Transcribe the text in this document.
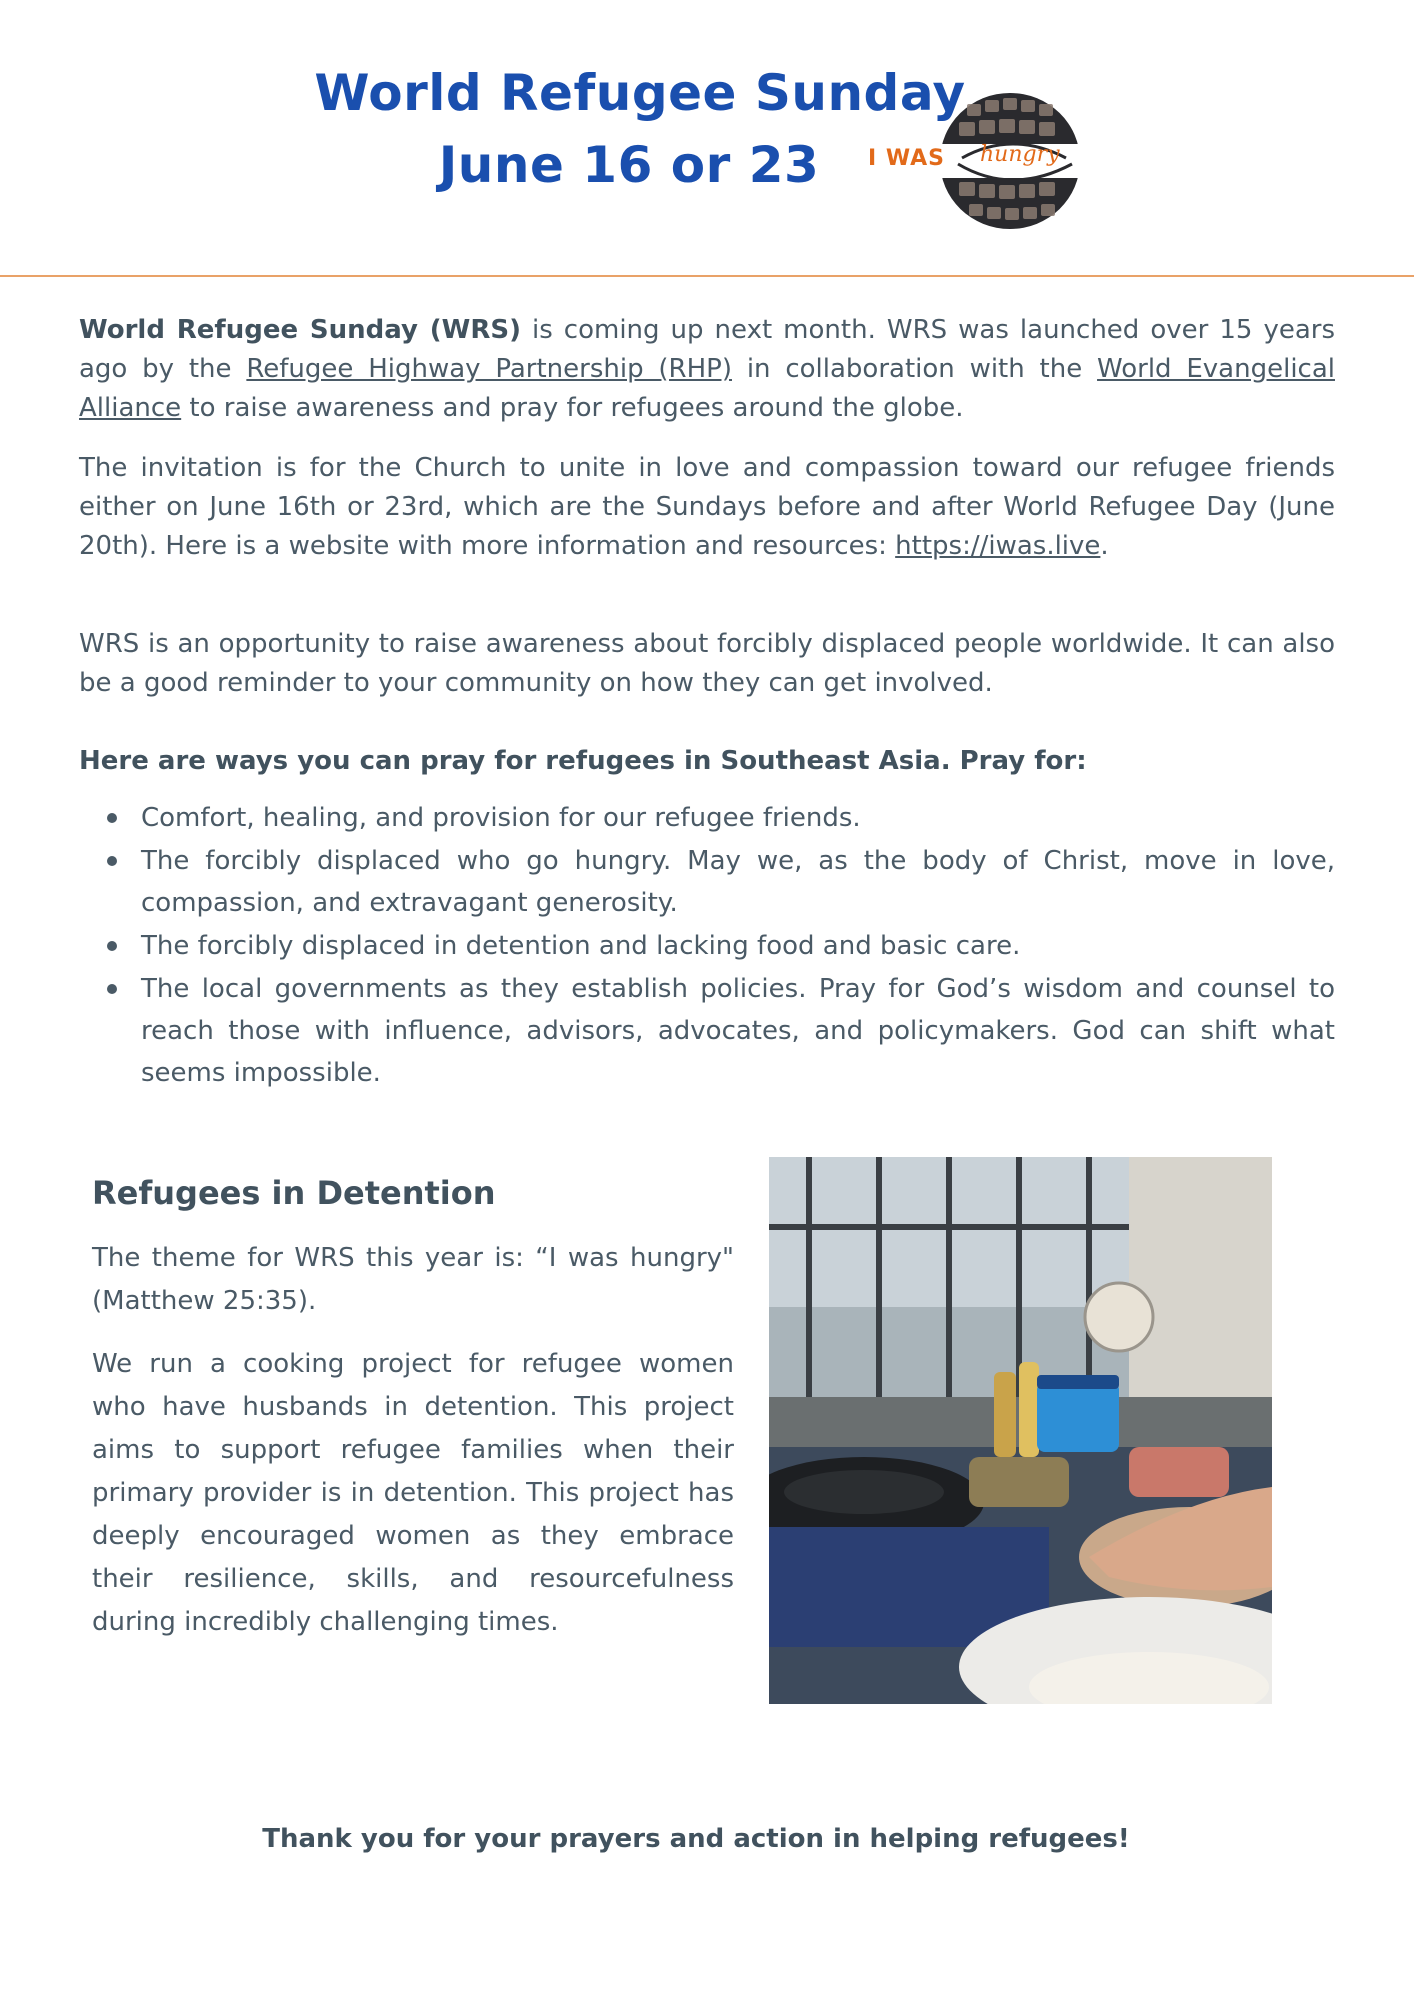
World Refugee Sunday
June 16 or 23	I WAS hungry

World Refugee Sunday (WRS) is coming up next month. WRS was launched over 15 years ago by the Refugee Highway Partnership (RHP) in collaboration with the World Evangelical Alliance to raise awareness and pray for refugees around the globe.

The invitation is for the Church to unite in love and compassion toward our refugee friends either on June 16th or 23rd, which are the Sundays before and after World Refugee Day (June 20th). Here is a website with more information and resources: https://iwas.live.

WRS is an opportunity to raise awareness about forcibly displaced people worldwide. It can also be a good reminder to your community on how they can get involved.

Here are ways you can pray for refugees in Southeast Asia. Pray for:

Comfort, healing, and provision for our refugee friends.
The forcibly displaced who go hungry. May we, as the body of Christ, move in love, compassion, and extravagant generosity.
The forcibly displaced in detention and lacking food and basic care.
The local governments as they establish policies. Pray for God’s wisdom and counsel to reach those with influence, advisors, advocates, and policymakers. God can shift what seems impossible.
Refugees in Detention

The theme for WRS this year is: “I was hungry" (Matthew 25:35).

We run a cooking project for refugee women who have husbands in detention. This project aims to support refugee families when their primary provider is in detention. This project has deeply encouraged women as they embrace their resilience, skills, and resourcefulness during incredibly challenging times.

Thank you for your prayers and action in helping refugees!
